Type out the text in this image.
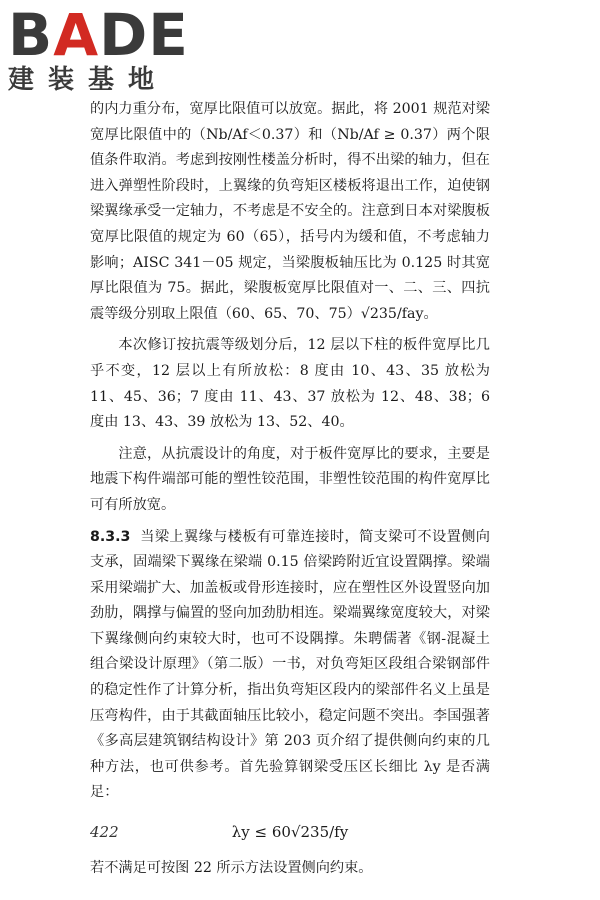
B A DE
建装基地

的内力重分布，宽厚比限值可以放宽。据此，将 2001 规范对梁宽厚比限值中的（Nb/Af＜0.37）和（Nb/Af ≥ 0.37）两个限值条件取消。考虑到按刚性楼盖分析时，得不出梁的轴力，但在进入弹塑性阶段时，上翼缘的负弯矩区楼板将退出工作，迫使钢梁翼缘承受一定轴力，不考虑是不安全的。注意到日本对梁腹板宽厚比限值的规定为 60（65），括号内为缓和值，不考虑轴力影响；AISC 341－05 规定，当梁腹板轴压比为 0.125 时其宽厚比限值为 75。据此，梁腹板宽厚比限值对一、二、三、四抗震等级分别取上限值（60、65、70、75）√235/fay。

本次修订按抗震等级划分后，12 层以下柱的板件宽厚比几乎不变，12 层以上有所放松：8 度由 10、43、35 放松为 11、45、36；7 度由 11、43、37 放松为 12、48、38；6 度由 13、43、39 放松为 13、52、40。

注意，从抗震设计的角度，对于板件宽厚比的要求，主要是地震下构件端部可能的塑性铰范围，非塑性铰范围的构件宽厚比可有所放宽。

8.3.3 当梁上翼缘与楼板有可靠连接时，简支梁可不设置侧向支承，固端梁下翼缘在梁端 0.15 倍梁跨附近宜设置隅撑。梁端采用梁端扩大、加盖板或骨形连接时，应在塑性区外设置竖向加劲肋，隅撑与偏置的竖向加劲肋相连。梁端翼缘宽度较大，对梁下翼缘侧向约束较大时，也可不设隅撑。朱聘儒著《钢-混凝土组合梁设计原理》（第二版）一书，对负弯矩区段组合梁钢部件的稳定性作了计算分析，指出负弯矩区段内的梁部件名义上虽是压弯构件，由于其截面轴压比较小，稳定问题不突出。李国强著《多高层建筑钢结构设计》第 203 页介绍了提供侧向约束的几种方法，也可供参考。首先验算钢梁受压区长细比 λy 是否满足：

λy ≤ 60√235/fy

若不满足可按图 22 所示方法设置侧向约束。

422
